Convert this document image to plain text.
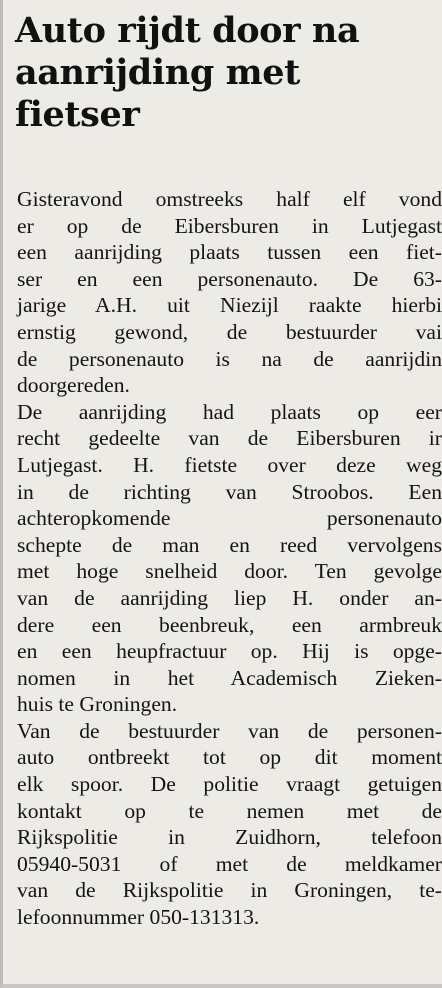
Auto rijdt door na
aanrijding met
fietser

Gisteravond omstreeks half elf vond
er op de Eibersburen in Lutjegast
een aanrijding plaats tussen een fiet-
ser en een personenauto. De 63-
jarige A.H. uit Niezijl raakte hierbi
ernstig gewond, de bestuurder vai
de personenauto is na de aanrijdin
doorgereden.

De aanrijding had plaats op eer
recht gedeelte van de Eibersburen ir
Lutjegast. H. fietste over deze weg
in de richting van Stroobos. Een
achteropkomende personenauto
schepte de man en reed vervolgens
met hoge snelheid door. Ten gevolge
van de aanrijding liep H. onder an-
dere een beenbreuk, een armbreuk
en een heupfractuur op. Hij is opge-
nomen in het Academisch Zieken-
huis te Groningen.

Van de bestuurder van de personen-
auto ontbreekt tot op dit moment
elk spoor. De politie vraagt getuigen
kontakt op te nemen met de
Rijkspolitie in Zuidhorn, telefoon
05940-5031 of met de meldkamer
van de Rijkspolitie in Groningen, te-
lefoonnummer 050-131313.
